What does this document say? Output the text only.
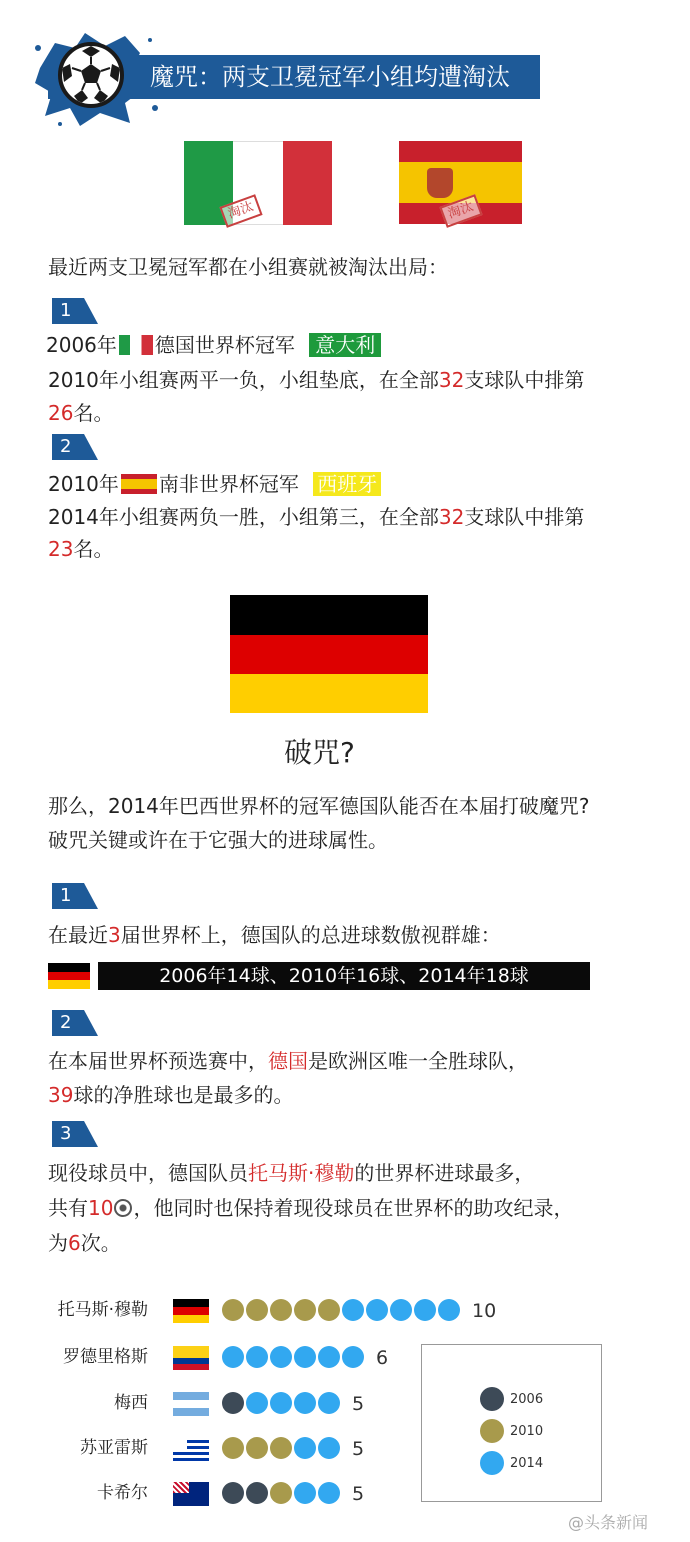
魔咒：两支卫冕冠军小组均遭淘汰
淘汰	淘汰
最近两支卫冕冠军都在小组赛就被淘汰出局：
1
2006年 德国世界杯冠军 意大利
2010年小组赛两平一负，小组垫底，在全部32支球队中排第
26名。
2
2010年 南非世界杯冠军 西班牙
2014年小组赛两负一胜，小组第三，在全部32支球队中排第
23名。
破咒?
那么，2014年巴西世界杯的冠军德国队能否在本届打破魔咒?
破咒关键或许在于它强大的进球属性。
1
在最近3届世界杯上，德国队的总进球数傲视群雄：
2006年14球、2010年16球、2014年18球
2
在本届世界杯预选赛中，德国是欧洲区唯一全胜球队，
39球的净胜球也是最多的。
3
现役球员中，德国队员托马斯·穆勒的世界杯进球最多，
共有10 ，他同时也保持着现役球员在世界杯的助攻纪录，
为6次。
托马斯·穆勒	10
罗德里格斯	6
梅西	5
苏亚雷斯	5
卡希尔	5
2006
2010
2014
@头条新闻
